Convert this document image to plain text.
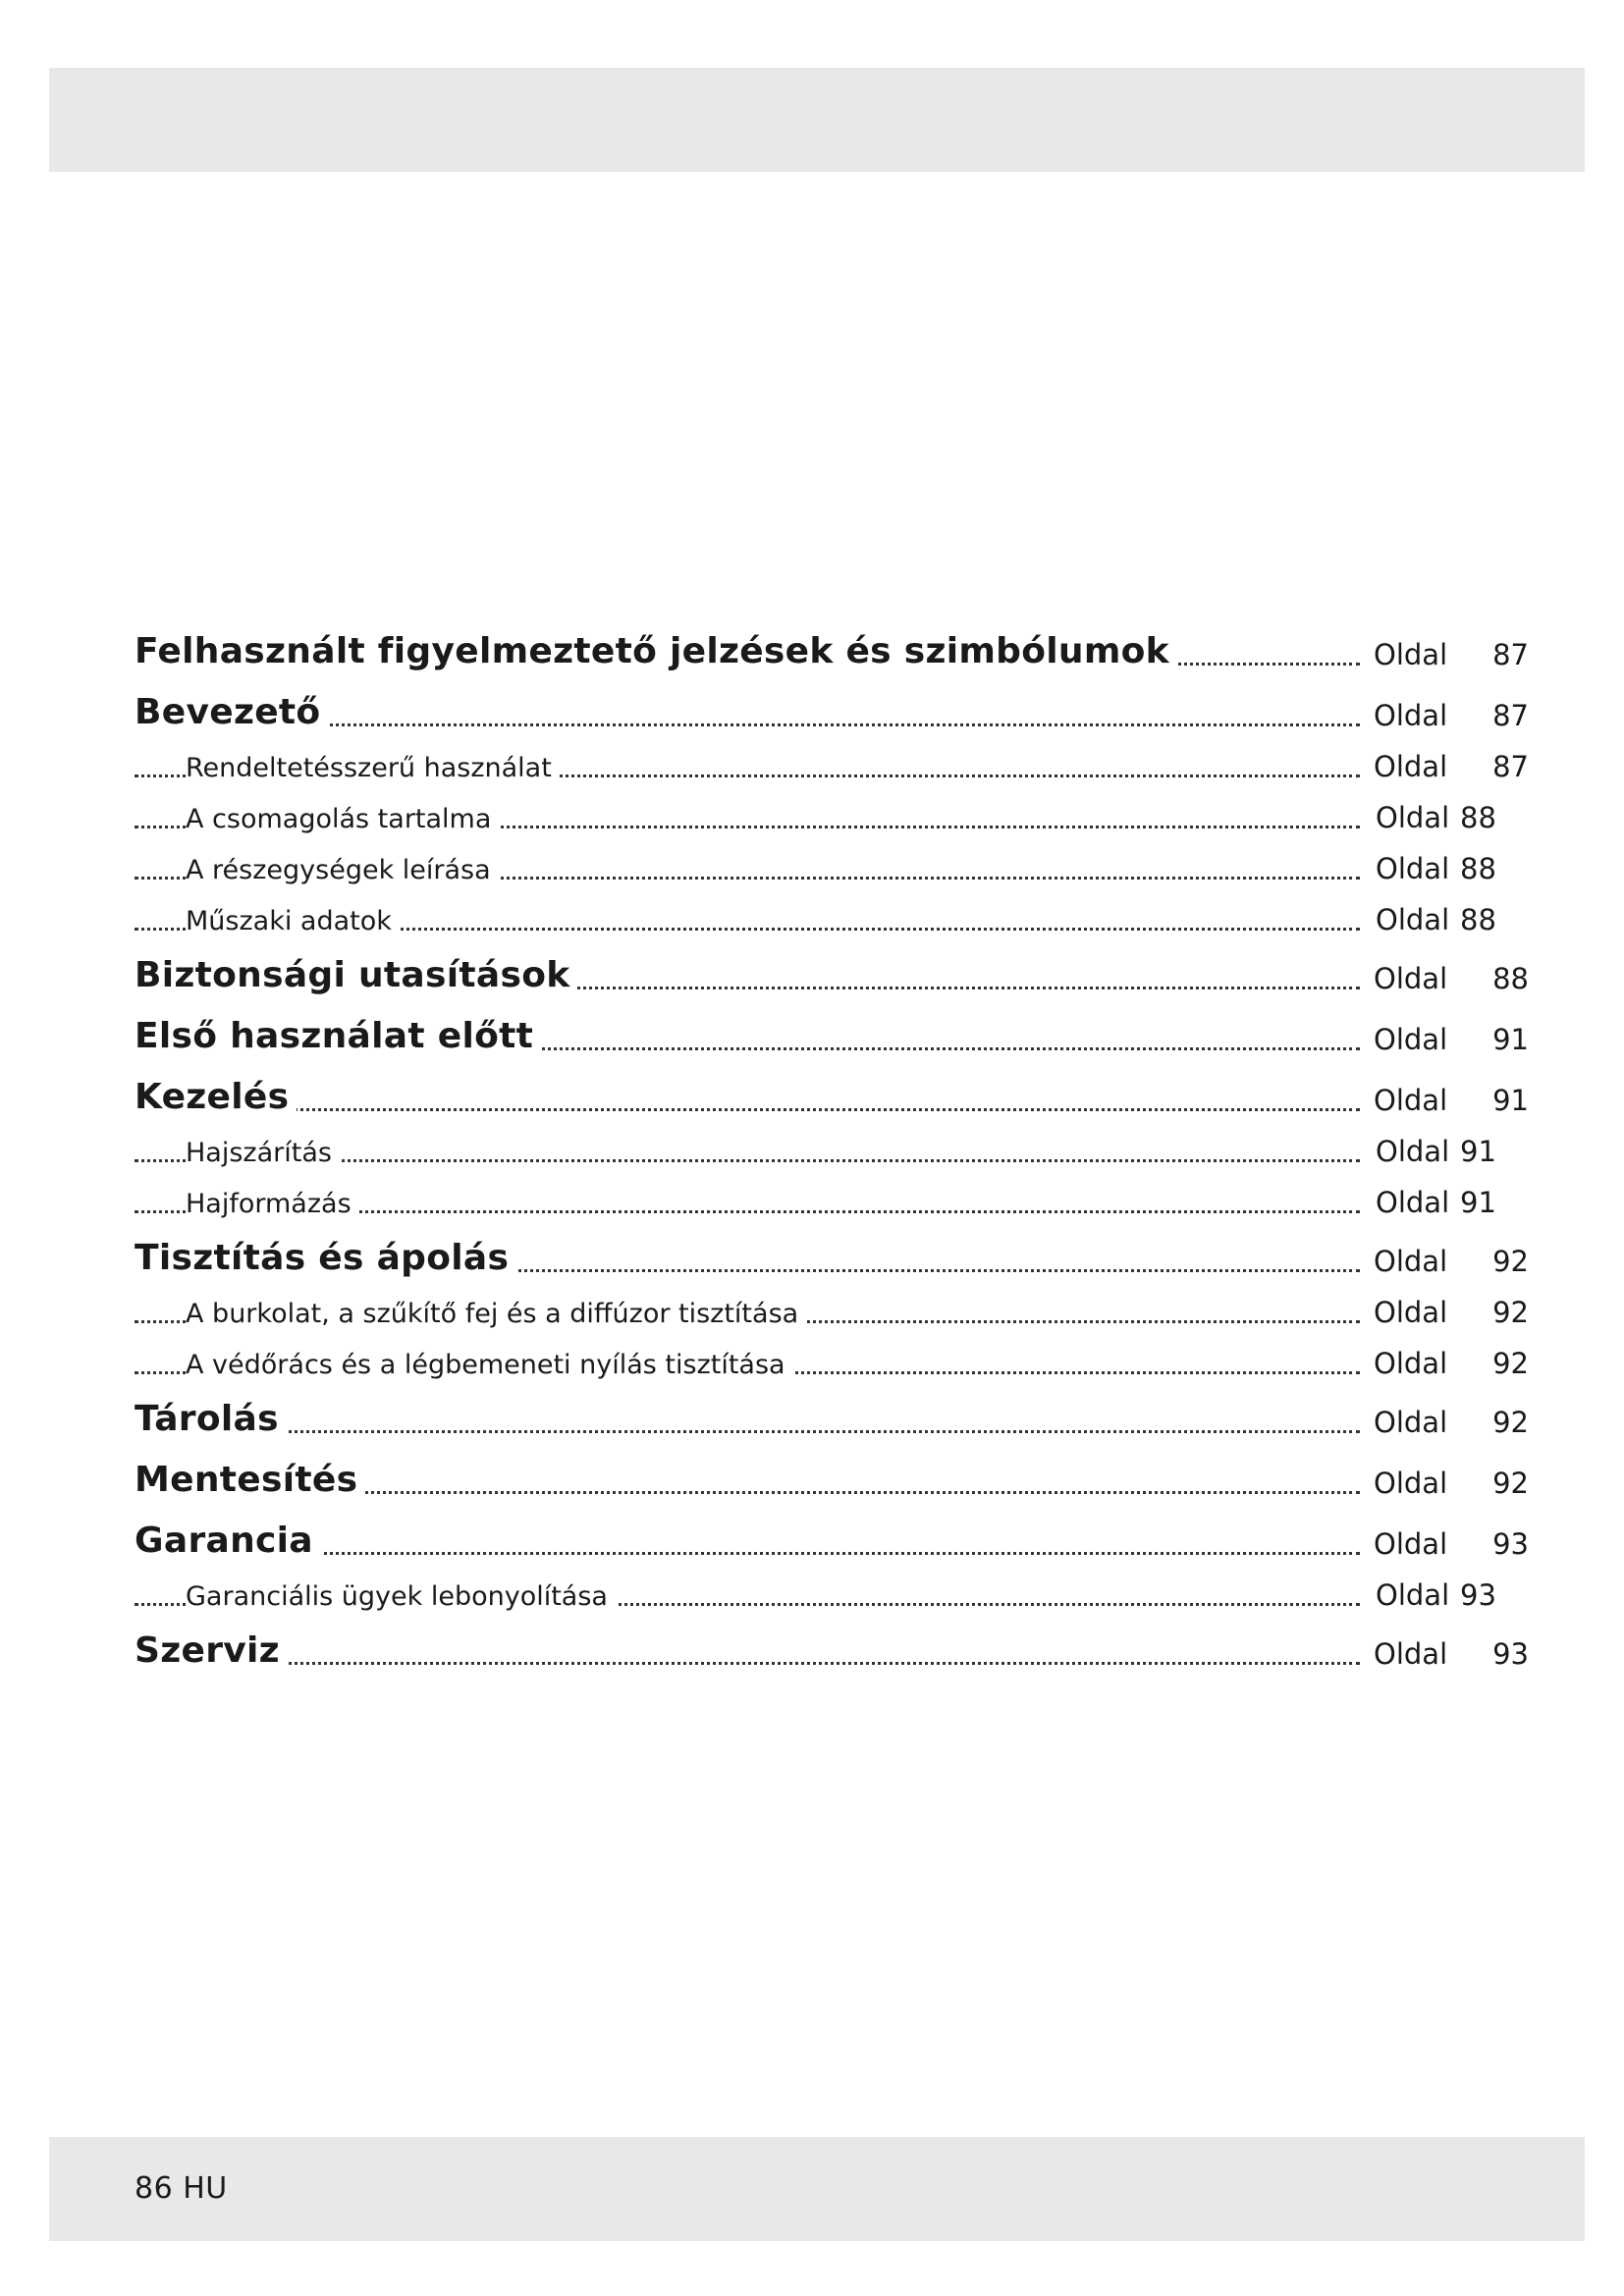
Felhasznált figyelmeztető jelzések és szimbólumok	Oldal 87
Bevezető	Oldal 87
Rendeltetésszerű használat	Oldal 87
A csomagolás tartalma	Oldal 88
A részegységek leírása	Oldal 88
Műszaki adatok	Oldal 88
Biztonsági utasítások	Oldal 88
Első használat előtt	Oldal 91
Kezelés	Oldal 91
Hajszárítás	Oldal 91
Hajformázás	Oldal 91
Tisztítás és ápolás	Oldal 92
A burkolat, a szűkítő fej és a diffúzor tisztítása	Oldal 92
A védőrács és a légbemeneti nyílás tisztítása	Oldal 92
Tárolás	Oldal 92
Mentesítés	Oldal 92
Garancia	Oldal 93
Garanciális ügyek lebonyolítása	Oldal 93
Szerviz	Oldal 93
86 HU
